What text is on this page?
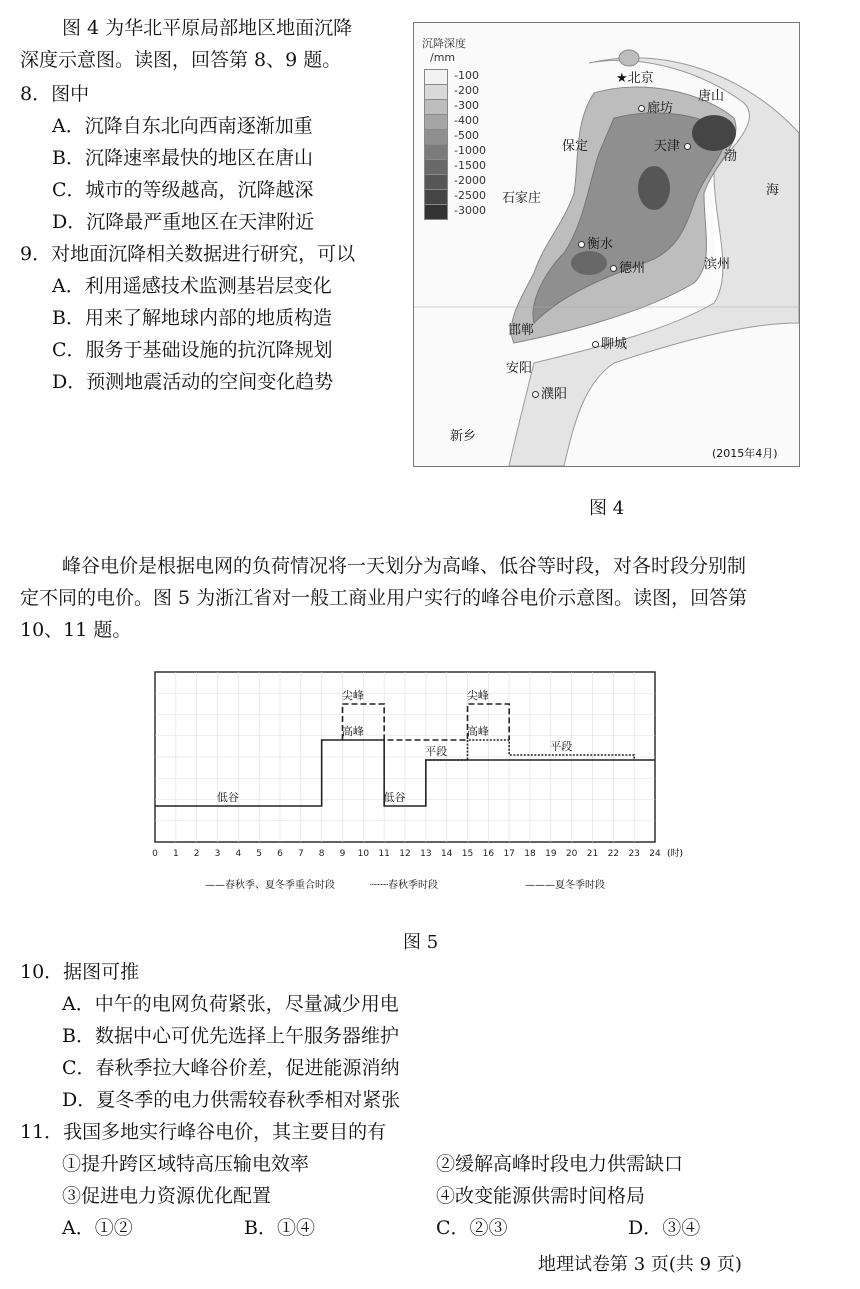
图 4 为华北平原局部地区地面沉降
深度示意图。读图，回答第 8、9 题。
8．图中
A．沉降自东北向西南逐渐加重
B．沉降速率最快的地区在唐山
C．城市的等级越高，沉降越深
D．沉降最严重地区在天津附近
9．对地面沉降相关数据进行研究，可以
A．利用遥感技术监测基岩层变化
B．用来了解地球内部的地质构造
C．服务于基础设施的抗沉降规划
D．预测地震活动的空间变化趋势
沉降深度
/mm
-100
-200
-300
-400
-500
-1000
-1500
-2000
-2500
-3000
★北京
廊坊
唐山
保定	天津
渤
海
石家庄
衡水
德州	滨州
邯郸
聊城
安阳
濮阳
新乡
(2015年4月)
图 4
峰谷电价是根据电网的负荷情况将一天划分为高峰、低谷等时段，对各时段分别制
定不同的电价。图 5 为浙江省对一般工商业用户实行的峰谷电价示意图。读图，回答第
10、11 题。
0 1 2 3 4 5 6 7 8 9 10 11 12 13 14 15 16 17 18 19 20 21 22 23 24 (时)
低谷
高峰
尖峰
低谷
平段
尖峰
高峰
平段
——春秋季、夏冬季重合时段	┈┈┈春秋季时段	———夏冬季时段
图 5
10．据图可推
A．中午的电网负荷紧张，尽量减少用电
B．数据中心可优先选择上午服务器维护
C．春秋季拉大峰谷价差，促进能源消纳
D．夏冬季的电力供需较春秋季相对紧张
11．我国多地实行峰谷电价，其主要目的有
①提升跨区域特高压输电效率	②缓解高峰时段电力供需缺口
③促进电力资源优化配置	④改变能源供需时间格局
A．①②	B．①④	C．②③	D．③④
地理试卷第 3 页(共 9 页)
